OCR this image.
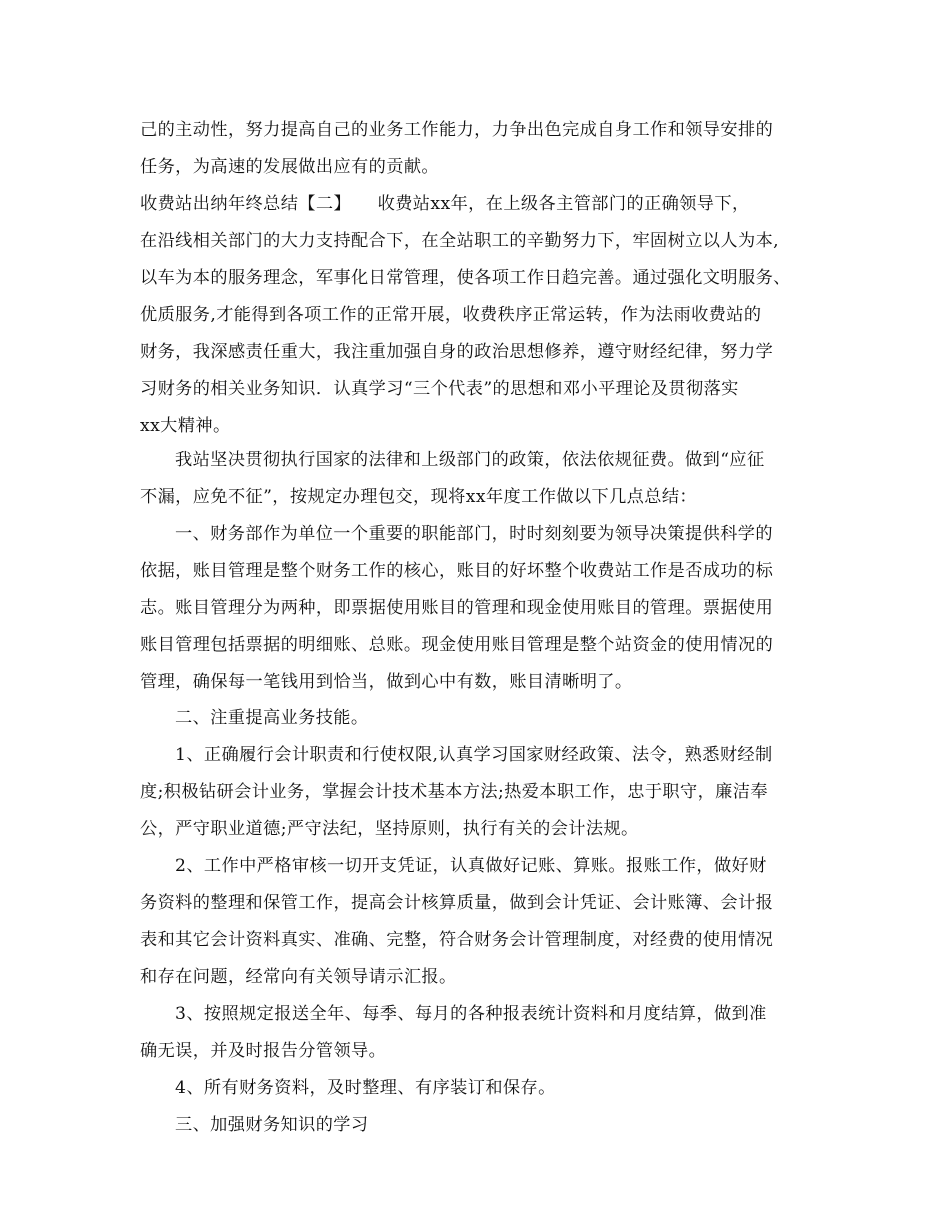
己的主动性，努力提高自己的业务工作能力，力争出色完成自身工作和领导安排的
任务，为高速的发展做出应有的贡献。
收费站出纳年终总结【二】　　收费站xx年，在上级各主管部门的正确领导下，
在沿线相关部门的大力支持配合下，在全站职工的辛勤努力下，牢固树立以人为本,
以车为本的服务理念，军事化日常管理，使各项工作日趋完善。通过强化文明服务、
优质服务,才能得到各项工作的正常开展，收费秩序正常运转，作为法雨收费站的
财务，我深感责任重大，我注重加强自身的政治思想修养，遵守财经纪律，努力学
习财务的相关业务知识．认真学习“三个代表”的思想和邓小平理论及贯彻落实
xx大精神。
我站坚决贯彻执行国家的法律和上级部门的政策，依法依规征费。做到“应征
不漏，应免不征”，按规定办理包交，现将xx年度工作做以下几点总结：
一、财务部作为单位一个重要的职能部门，时时刻刻要为领导决策提供科学的
依据，账目管理是整个财务工作的核心，账目的好坏整个收费站工作是否成功的标
志。账目管理分为两种，即票据使用账目的管理和现金使用账目的管理。票据使用
账目管理包括票据的明细账、总账。现金使用账目管理是整个站资金的使用情况的
管理，确保每一笔钱用到恰当，做到心中有数，账目清晰明了。
二、注重提高业务技能。
1、正确履行会计职责和行使权限,认真学习国家财经政策、法令，熟悉财经制
度;积极钻研会计业务，掌握会计技术基本方法;热爱本职工作，忠于职守，廉洁奉
公，严守职业道德;严守法纪，坚持原则，执行有关的会计法规。
2、工作中严格审核一切开支凭证，认真做好记账、算账。报账工作，做好财
务资料的整理和保管工作，提高会计核算质量，做到会计凭证、会计账簿、会计报
表和其它会计资料真实、准确、完整，符合财务会计管理制度，对经费的使用情况
和存在问题，经常向有关领导请示汇报。
3、按照规定报送全年、每季、每月的各种报表统计资料和月度结算，做到准
确无误，并及时报告分管领导。
4、所有财务资料，及时整理、有序装订和保存。
三、加强财务知识的学习
